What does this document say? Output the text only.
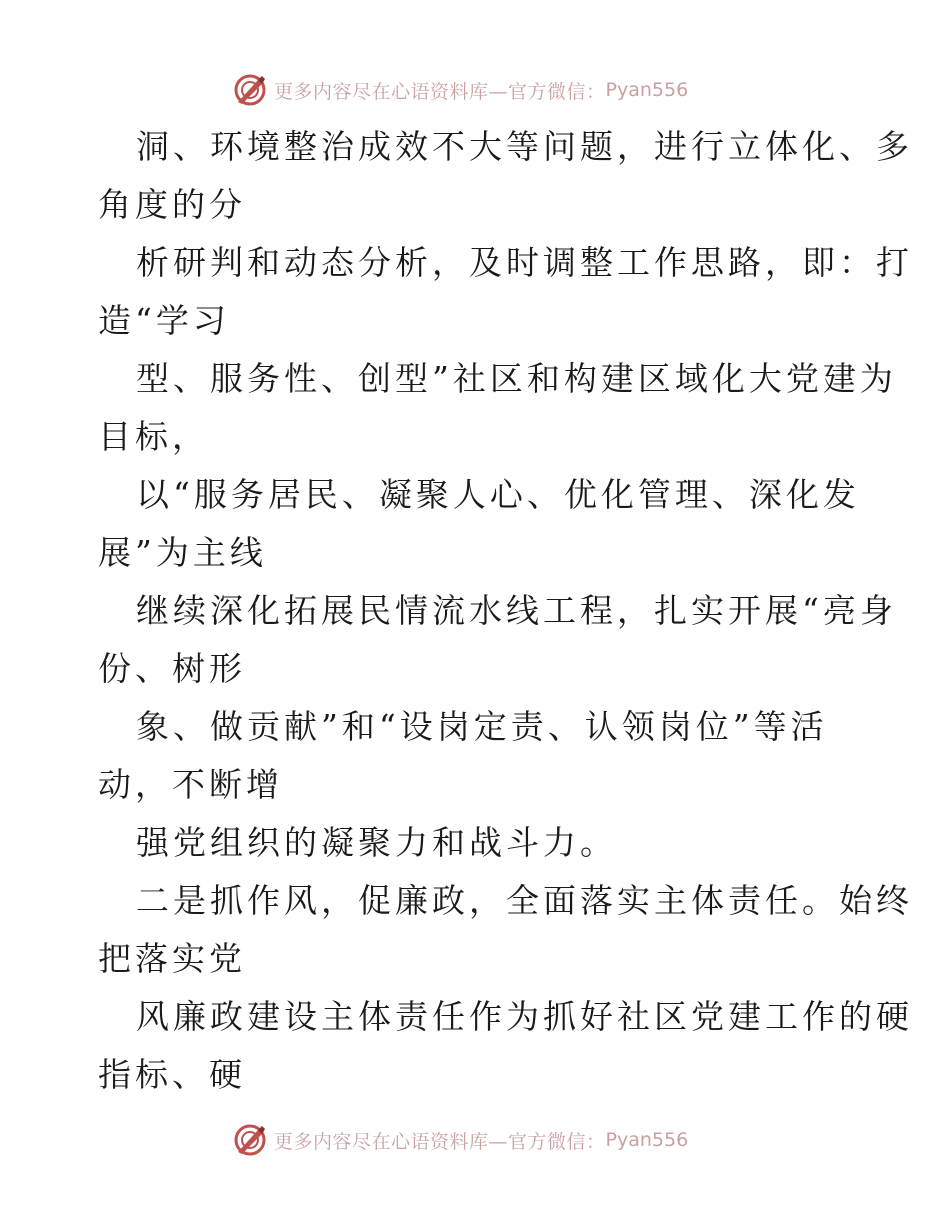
更多内容尽在心语资料库—官方微信： Pyan556
洞、环境整治成效不大等问题，进行立体化、多
角度的分
析研判和动态分析，及时调整工作思路，即：打
造“学习
型、服务性、创型”社区和构建区域化大党建为
目标，
以“服务居民、凝聚人心、优化管理、深化发
展”为主线
继续深化拓展民情流水线工程，扎实开展“亮身
份、树形
象、做贡献”和“设岗定责、认领岗位”等活
动，不断增
强党组织的凝聚力和战斗力。
二是抓作风，促廉政，全面落实主体责任。始终
把落实党
风廉政建设主体责任作为抓好社区党建工作的硬
指标、硬
更多内容尽在心语资料库—官方微信： Pyan556
